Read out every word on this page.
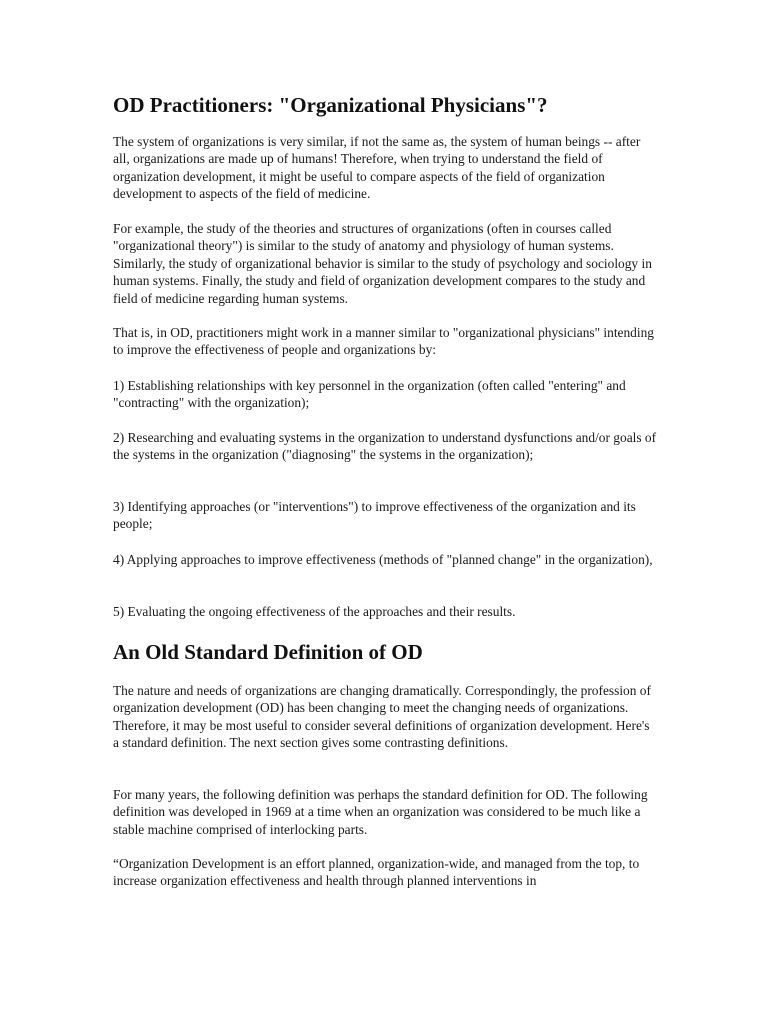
OD Practitioners: "Organizational Physicians"?

The system of organizations is very similar, if not the same as, the system of human beings -- after all, organizations are made up of humans! Therefore, when trying to understand the field of organization development, it might be useful to compare aspects of the field of organization development to aspects of the field of medicine.

For example, the study of the theories and structures of organizations (often in courses called "organizational theory") is similar to the study of anatomy and physiology of human systems. Similarly, the study of organizational behavior is similar to the study of psychology and sociology in human systems. Finally, the study and field of organization development compares to the study and field of medicine regarding human systems.

That is, in OD, practitioners might work in a manner similar to "organizational physicians" intending to improve the effectiveness of people and organizations by:

1) Establishing relationships with key personnel in the organization (often called "entering" and "contracting" with the organization);

2) Researching and evaluating systems in the organization to understand dysfunctions and/or goals of the systems in the organization ("diagnosing" the systems in the organization);

3) Identifying approaches (or "interventions") to improve effectiveness of the organization and its people;

4) Applying approaches to improve effectiveness (methods of "planned change" in the organization),

5) Evaluating the ongoing effectiveness of the approaches and their results.

An Old Standard Definition of OD

The nature and needs of organizations are changing dramatically. Correspondingly, the profession of organization development (OD) has been changing to meet the changing needs of organizations. Therefore, it may be most useful to consider several definitions of organization development. Here's a standard definition. The next section gives some contrasting definitions.

For many years, the following definition was perhaps the standard definition for OD. The following definition was developed in 1969 at a time when an organization was considered to be much like a stable machine comprised of interlocking parts.

“Organization Development is an effort planned, organization-wide, and managed from the top, to increase organization effectiveness and health through planned interventions in
